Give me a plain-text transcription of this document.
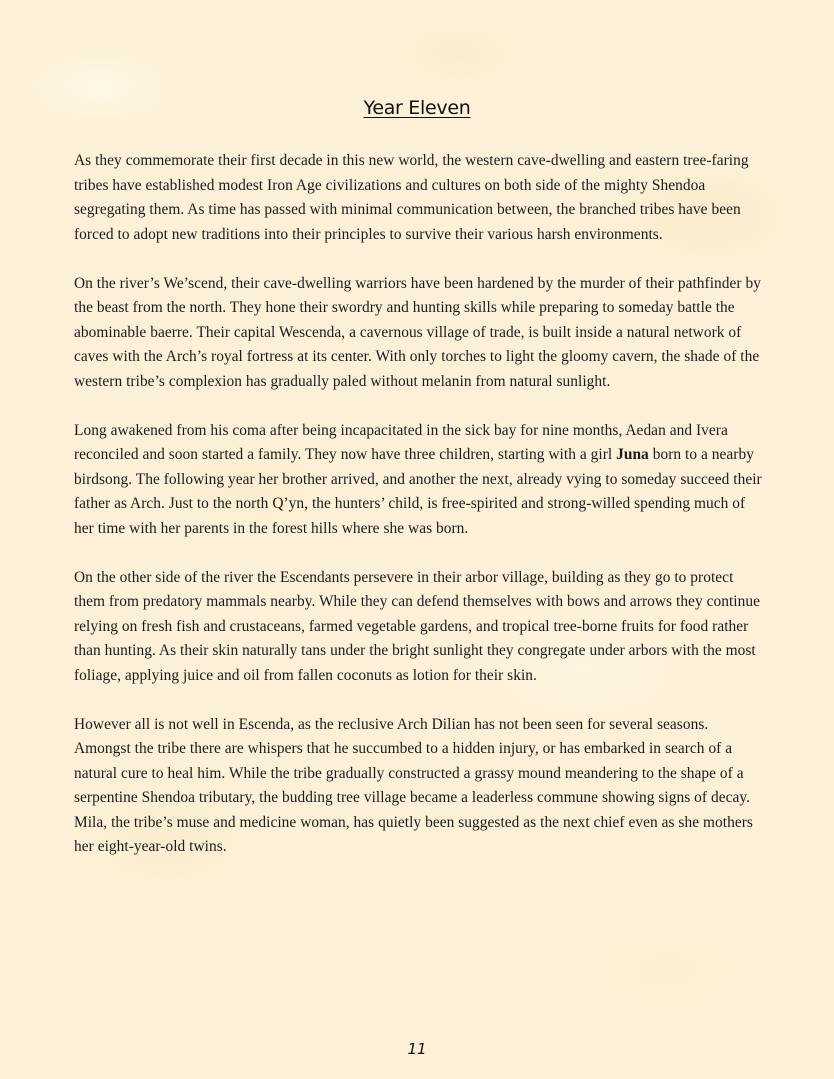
Year Eleven

As they commemorate their first decade in this new world, the western cave-dwelling and eastern tree-faring tribes have established modest Iron Age civilizations and cultures on both side of the mighty Shendoa segregating them. As time has passed with minimal communication between, the branched tribes have been forced to adopt new traditions into their principles to survive their various harsh environments.

On the river’s We’scend, their cave-dwelling warriors have been hardened by the murder of their pathfinder by the beast from the north. They hone their swordry and hunting skills while preparing to someday battle the abominable baerre. Their capital Wescenda, a cavernous village of trade, is built inside a natural network of caves with the Arch’s royal fortress at its center. With only torches to light the gloomy cavern, the shade of the western tribe’s complexion has gradually paled without melanin from natural sunlight.

Long awakened from his coma after being incapacitated in the sick bay for nine months, Aedan and Ivera reconciled and soon started a family. They now have three children, starting with a girl Juna born to a nearby birdsong. The following year her brother arrived, and another the next, already vying to someday succeed their father as Arch. Just to the north Q’yn, the hunters’ child, is free-spirited and strong-willed spending much of her time with her parents in the forest hills where she was born.

On the other side of the river the Escendants persevere in their arbor village, building as they go to protect them from predatory mammals nearby. While they can defend themselves with bows and arrows they continue relying on fresh fish and crustaceans, farmed vegetable gardens, and tropical tree-borne fruits for food rather than hunting. As their skin naturally tans under the bright sunlight they congregate under arbors with the most foliage, applying juice and oil from fallen coconuts as lotion for their skin.

However all is not well in Escenda, as the reclusive Arch Dilian has not been seen for several seasons. Amongst the tribe there are whispers that he succumbed to a hidden injury, or has embarked in search of a natural cure to heal him. While the tribe gradually constructed a grassy mound meandering to the shape of a serpentine Shendoa tributary, the budding tree village became a leaderless commune showing signs of decay. Mila, the tribe’s muse and medicine woman, has quietly been suggested as the next chief even as she mothers her eight-year-old twins.

11
